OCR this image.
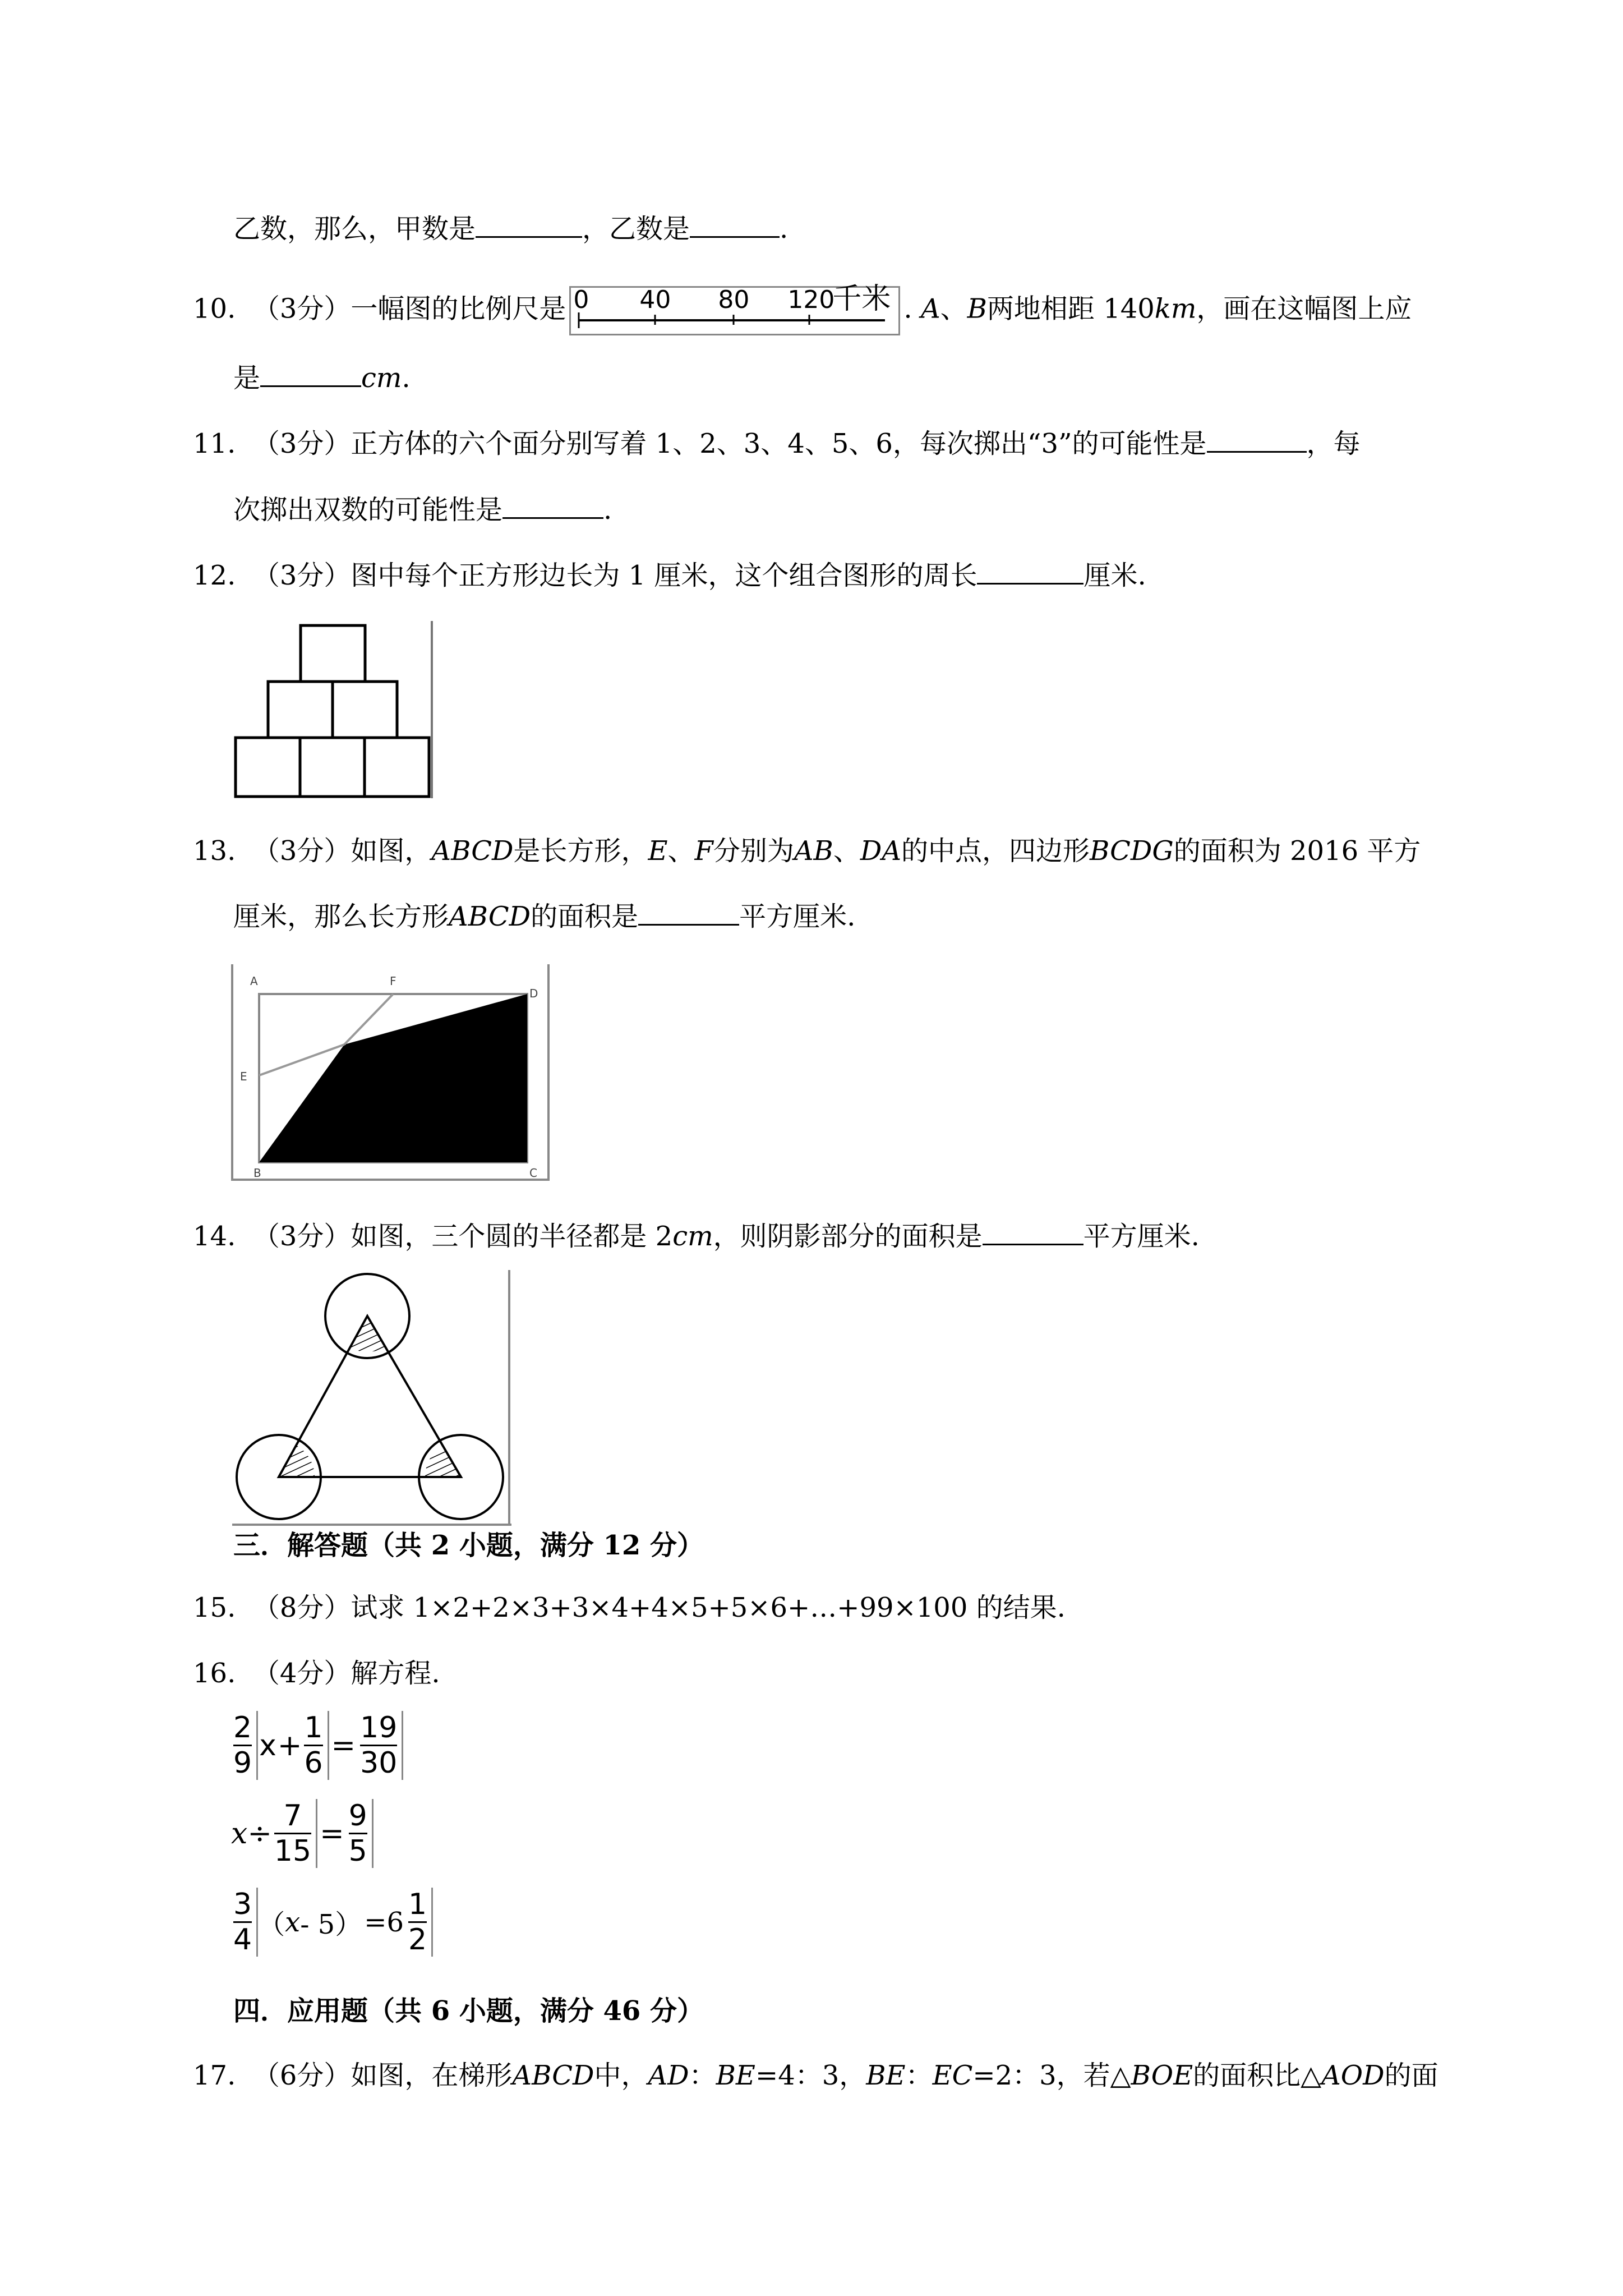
乙数，那么，甲数是	，乙数是	.
10. （3分）一幅图的比例尺是 0 40 80 120
千米 . A、B两地相距 140km，画在这幅图上应
是	cm.
11. （3分）正方体的六个面分别写着 1、2、3、4、5、6，每次掷出“3”的可能性是	，每
次掷出双数的可能性是	.
12. （3分）图中每个正方形边长为 1 厘米，这个组合图形的周长	厘米.
13. （3分）如图，ABCD是长方形，E、F分别为AB、DA的中点，四边形BCDG的面积为 2016 平方
厘米，那么长方形ABCD的面积是	平方厘米.
A	F
D
E
B	C
14. （3分）如图，三个圆的半径都是 2cm，则阴影部分的面积是	平方厘米.
三．解答题（共 2 小题，满分 12 分）
15. （8分）试求 1×2+2×3+3×4+4×5+5×6+…+99×100 的结果.
16. （4分）解方程.
$\frac{2}{9}$ $x + \frac{1}{6} = \frac{19}{30}$
$x \div \frac{7}{15} = \frac{9}{5}$
$\frac{3}{4}$ （ $x - 5) =6 \frac{1}{2}$
四．应用题（共 6 小题，满分 46 分）
17. （6分）如图，在梯形ABCD中，AD：BE=4：3，BE：EC=2：3，若△BOE的面积比△AOD的面
